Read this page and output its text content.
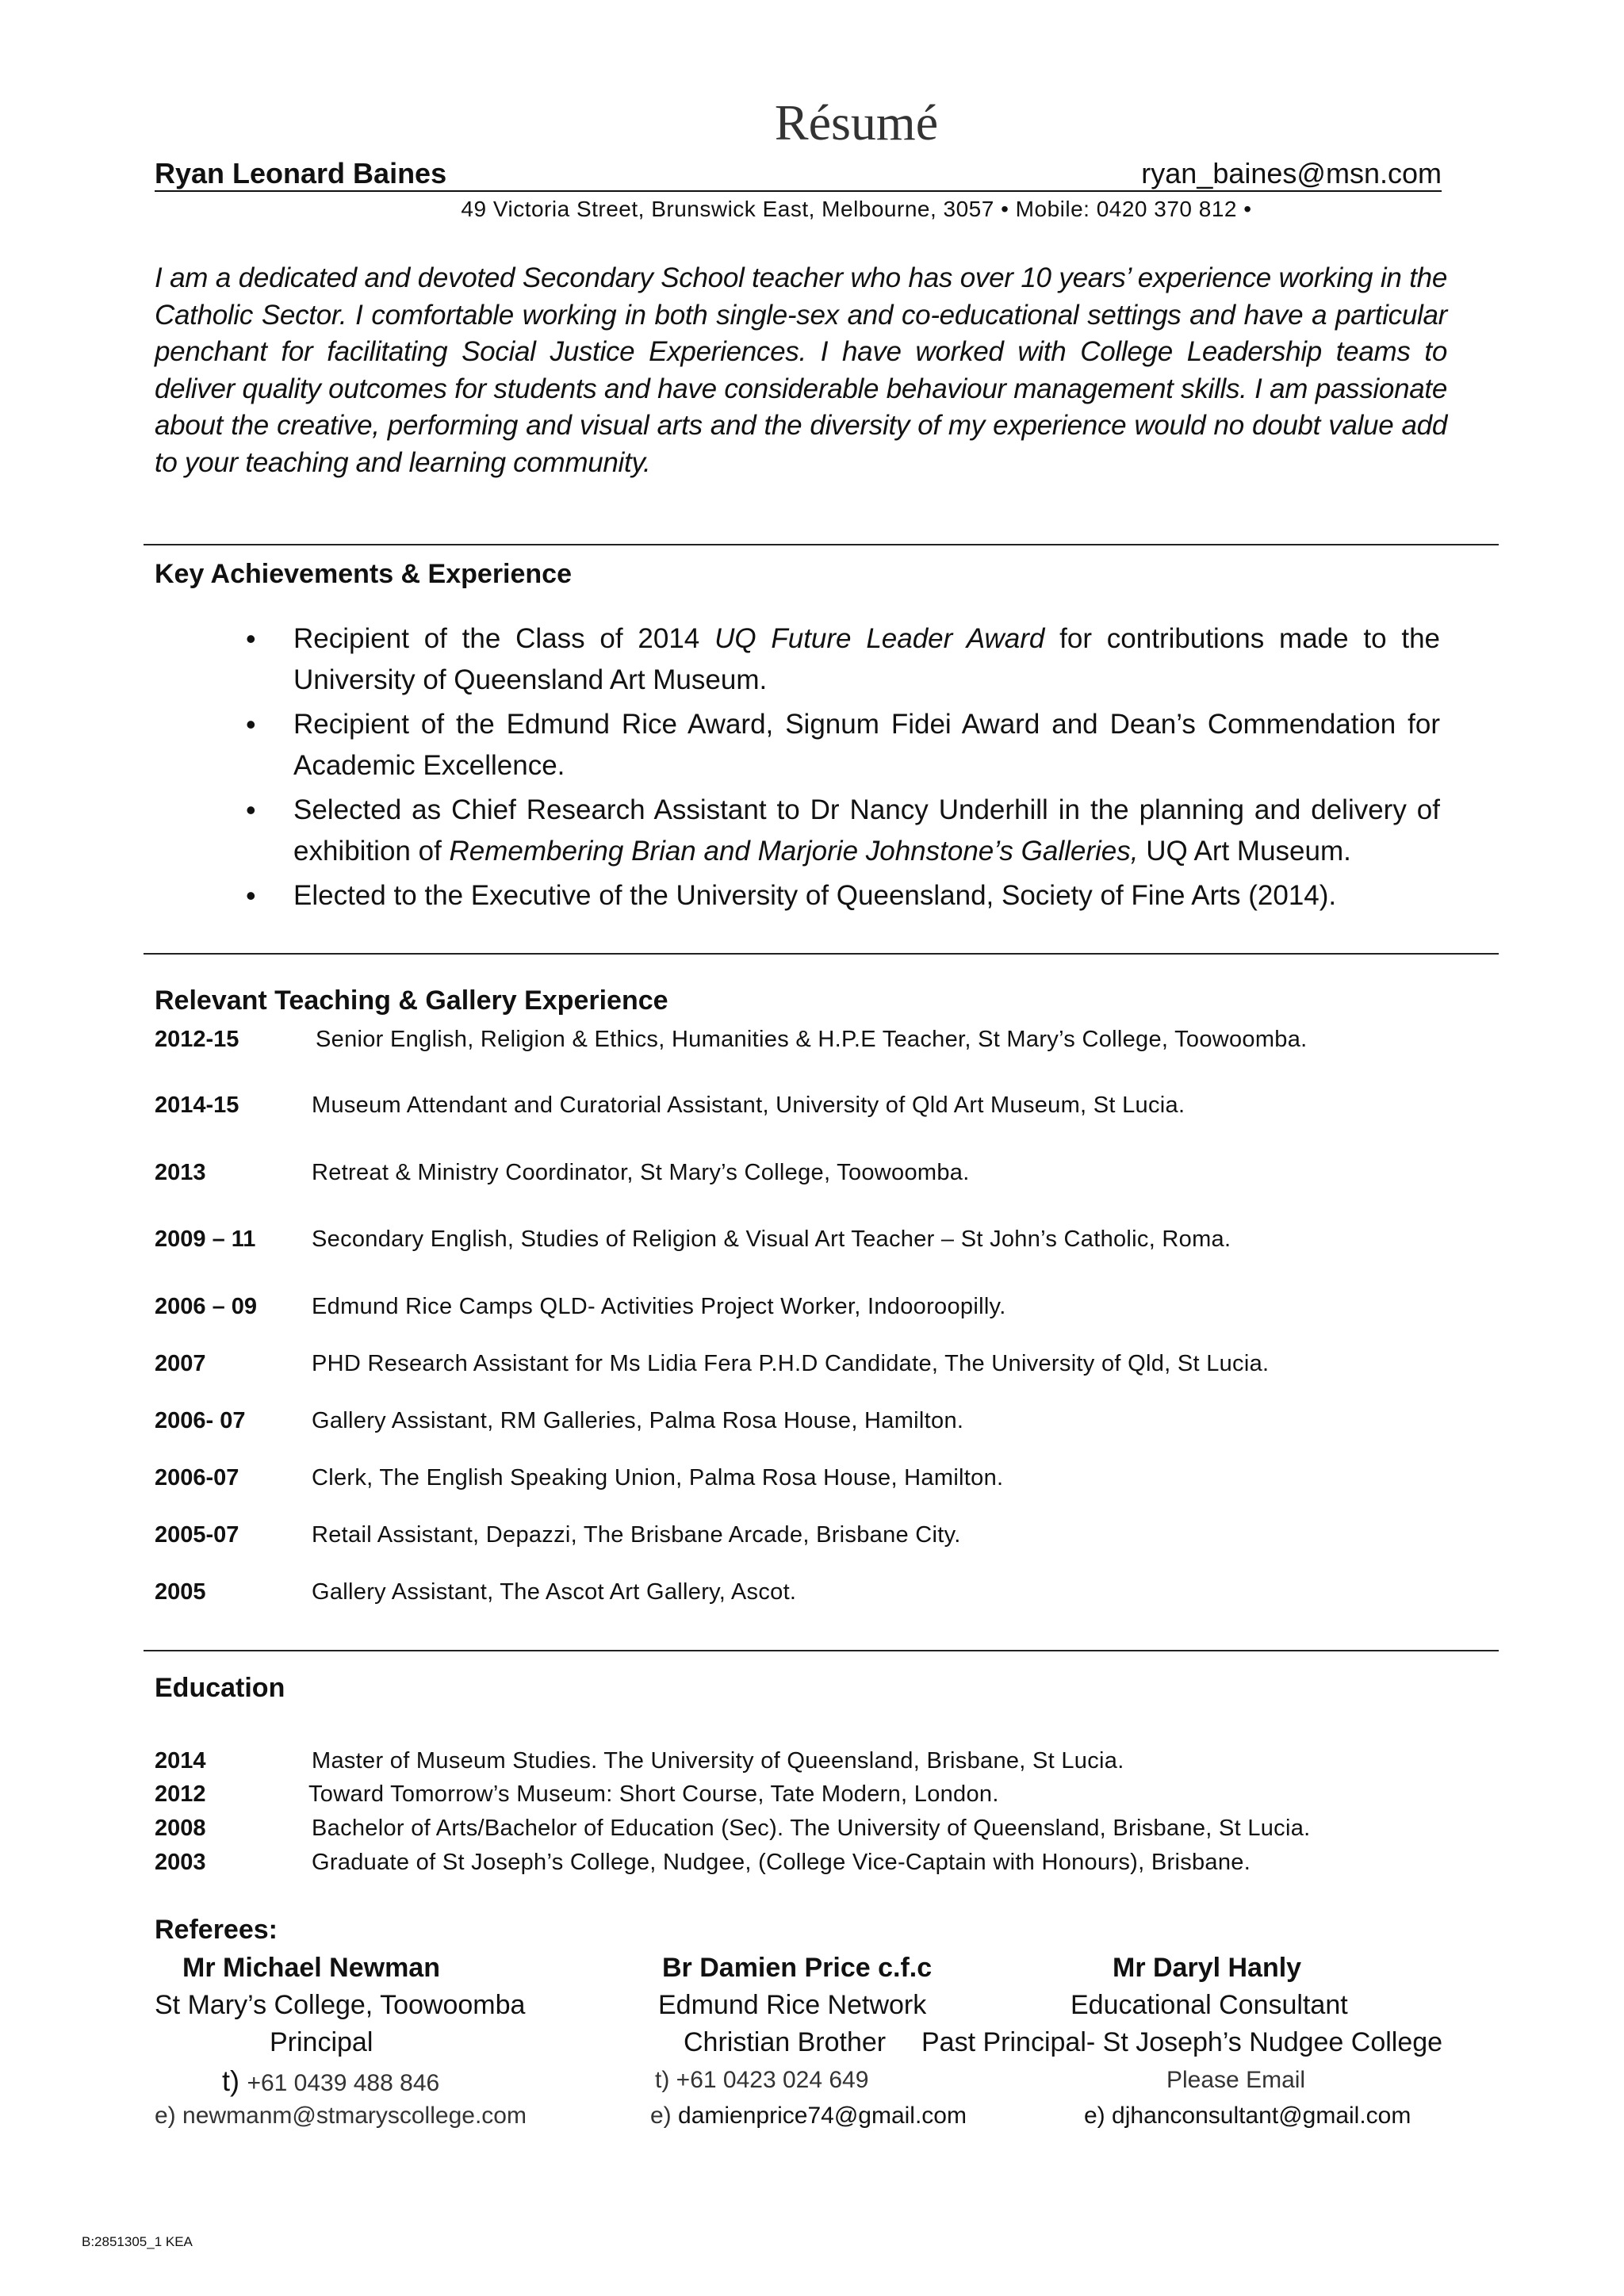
Résumé
Ryan Leonard Baines	ryan_baines@msn.com
49 Victoria Street, Brunswick East, Melbourne, 3057 • Mobile: 0420 370 812 •

I am a dedicated and devoted Secondary School teacher who has over 10 years’ experience working in the Catholic Sector. I comfortable working in both single-sex and co-educational settings and have a particular penchant for facilitating Social Justice Experiences. I have worked with College Leadership teams to deliver quality outcomes for students and have considerable behaviour management skills. I am passionate about the creative, performing and visual arts and the diversity of my experience would no doubt value add to your teaching and learning community.

Key Achievements & Experience
• Recipient of the Class of 2014 UQ Future Leader Award for contributions made to the University of Queensland Art Museum.
• Recipient of the Edmund Rice Award, Signum Fidei Award and Dean’s Commendation for Academic Excellence.
• Selected as Chief Research Assistant to Dr Nancy Underhill in the planning and delivery of exhibition of Remembering Brian and Marjorie Johnstone’s Galleries, UQ Art Museum.
• Elected to the Executive of the University of Queensland, Society of Fine Arts (2014).
Relevant Teaching & Gallery Experience
2012-15	Senior English, Religion & Ethics, Humanities & H.P.E Teacher, St Mary’s College, Toowoomba.
2014-15	Museum Attendant and Curatorial Assistant, University of Qld Art Museum, St Lucia.
2013	Retreat & Ministry Coordinator, St Mary’s College, Toowoomba.
2009 – 11 Secondary English, Studies of Religion & Visual Art Teacher – St John’s Catholic, Roma.
2006 – 09 Edmund Rice Camps QLD- Activities Project Worker, Indooroopilly.
2007	PHD Research Assistant for Ms Lidia Fera P.H.D Candidate, The University of Qld, St Lucia.
2006- 07	Gallery Assistant, RM Galleries, Palma Rosa House, Hamilton.
2006-07	Clerk, The English Speaking Union, Palma Rosa House, Hamilton.
2005-07	Retail Assistant, Depazzi, The Brisbane Arcade, Brisbane City.
2005	Gallery Assistant, The Ascot Art Gallery, Ascot.
Education
2014	Master of Museum Studies. The University of Queensland, Brisbane, St Lucia.
2012	Toward Tomorrow’s Museum: Short Course, Tate Modern, London.
2008	Bachelor of Arts/Bachelor of Education (Sec). The University of Queensland, Brisbane, St Lucia.
2003	Graduate of St Joseph’s College, Nudgee, (College Vice-Captain with Honours), Brisbane.
Referees:
Mr Michael Newman
St Mary’s College, Toowoomba
Principal
t) +61 0439 488 846
e) newmanm@stmaryscollege.com
Br Damien Price c.f.c
Edmund Rice Network
Christian Brother
t) +61 0423 024 649
e) damienprice74@gmail.com
Mr Daryl Hanly
Educational Consultant
Past Principal- St Joseph’s Nudgee College
Please Email
e) djhanconsultant@gmail.com
B:2851305_1 KEA
